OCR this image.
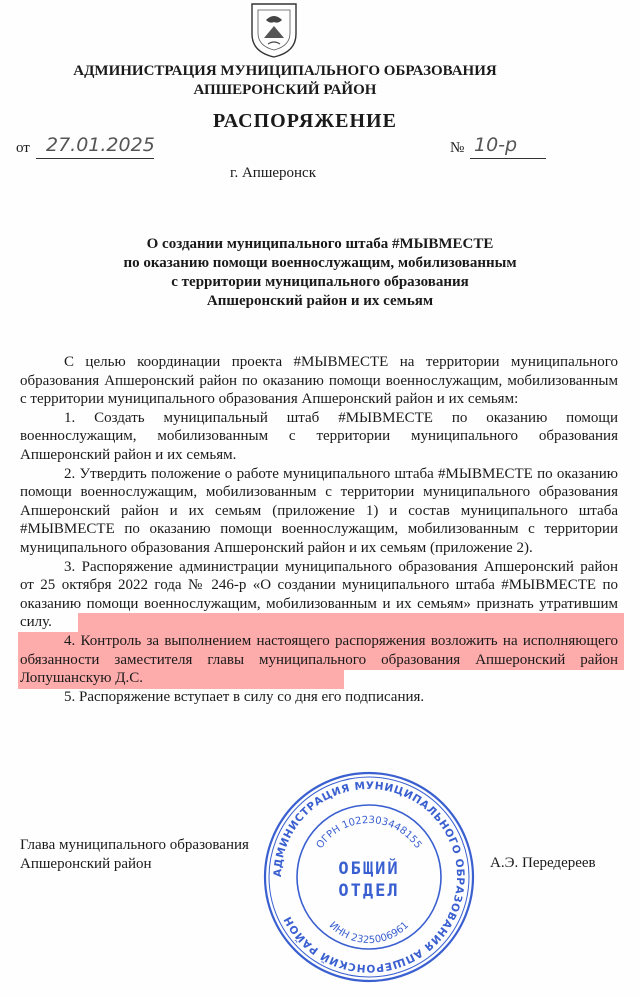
АДМИНИСТРАЦИЯ МУНИЦИПАЛЬНОГО ОБРАЗОВАНИЯ
АПШЕРОНСКИЙ РАЙОН
РАСПОРЯЖЕНИЕ
от 27.01.2025	№ 10-р
г. Апшеронск
О создании муниципального штаба #МЫВМЕСТЕ
по оказанию помощи военнослужащим, мобилизованным
с территории муниципального образования
Апшеронский район и их семьям

С целью координации проекта #МЫВМЕСТЕ на территории муниципального образования Апшеронский район по оказанию помощи военнослужащим, мобилизованным с территории муниципального образования Апшеронский район и их семьям:

1. Создать муниципальный штаб #МЫВМЕСТЕ по оказанию помощи военнослужащим, мобилизованным с территории муниципального образования Апшеронский район и их семьям.

2. Утвердить положение о работе муниципального штаба #МЫВМЕСТЕ по оказанию помощи военнослужащим, мобилизованным с территории муниципального образования Апшеронский район и их семьям (приложение 1) и состав муниципального штаба #МЫВМЕСТЕ по оказанию помощи военнослужащим, мобилизованным с территории муниципального образования Апшеронский район и их семьям (приложение 2).

3. Распоряжение администрации муниципального образования Апшеронский район от 25 октября 2022 года № 246-р «О создании муниципального штаба #МЫВМЕСТЕ по оказанию помощи военнослужащим, мобилизованным и их семьям» признать утратившим силу.

4. Контроль за выполнением настоящего распоряжения возложить на исполняющего обязанности заместителя главы муниципального образования Апшеронский район Лопушанскую Д.С.

5. Распоряжение вступает в силу со дня его подписания.

Глава муниципального образования
Апшеронский район	А.Э. Передереев
АДМИНИСТРАЦИЯ МУНИЦИПАЛЬНОГО ОБРАЗОВАНИЯ АПШЕРОНСКИЙ РАЙОН
ОГРН 1022303448155
ИНН 2325006961
ОБЩИЙ
ОТДЕЛ
